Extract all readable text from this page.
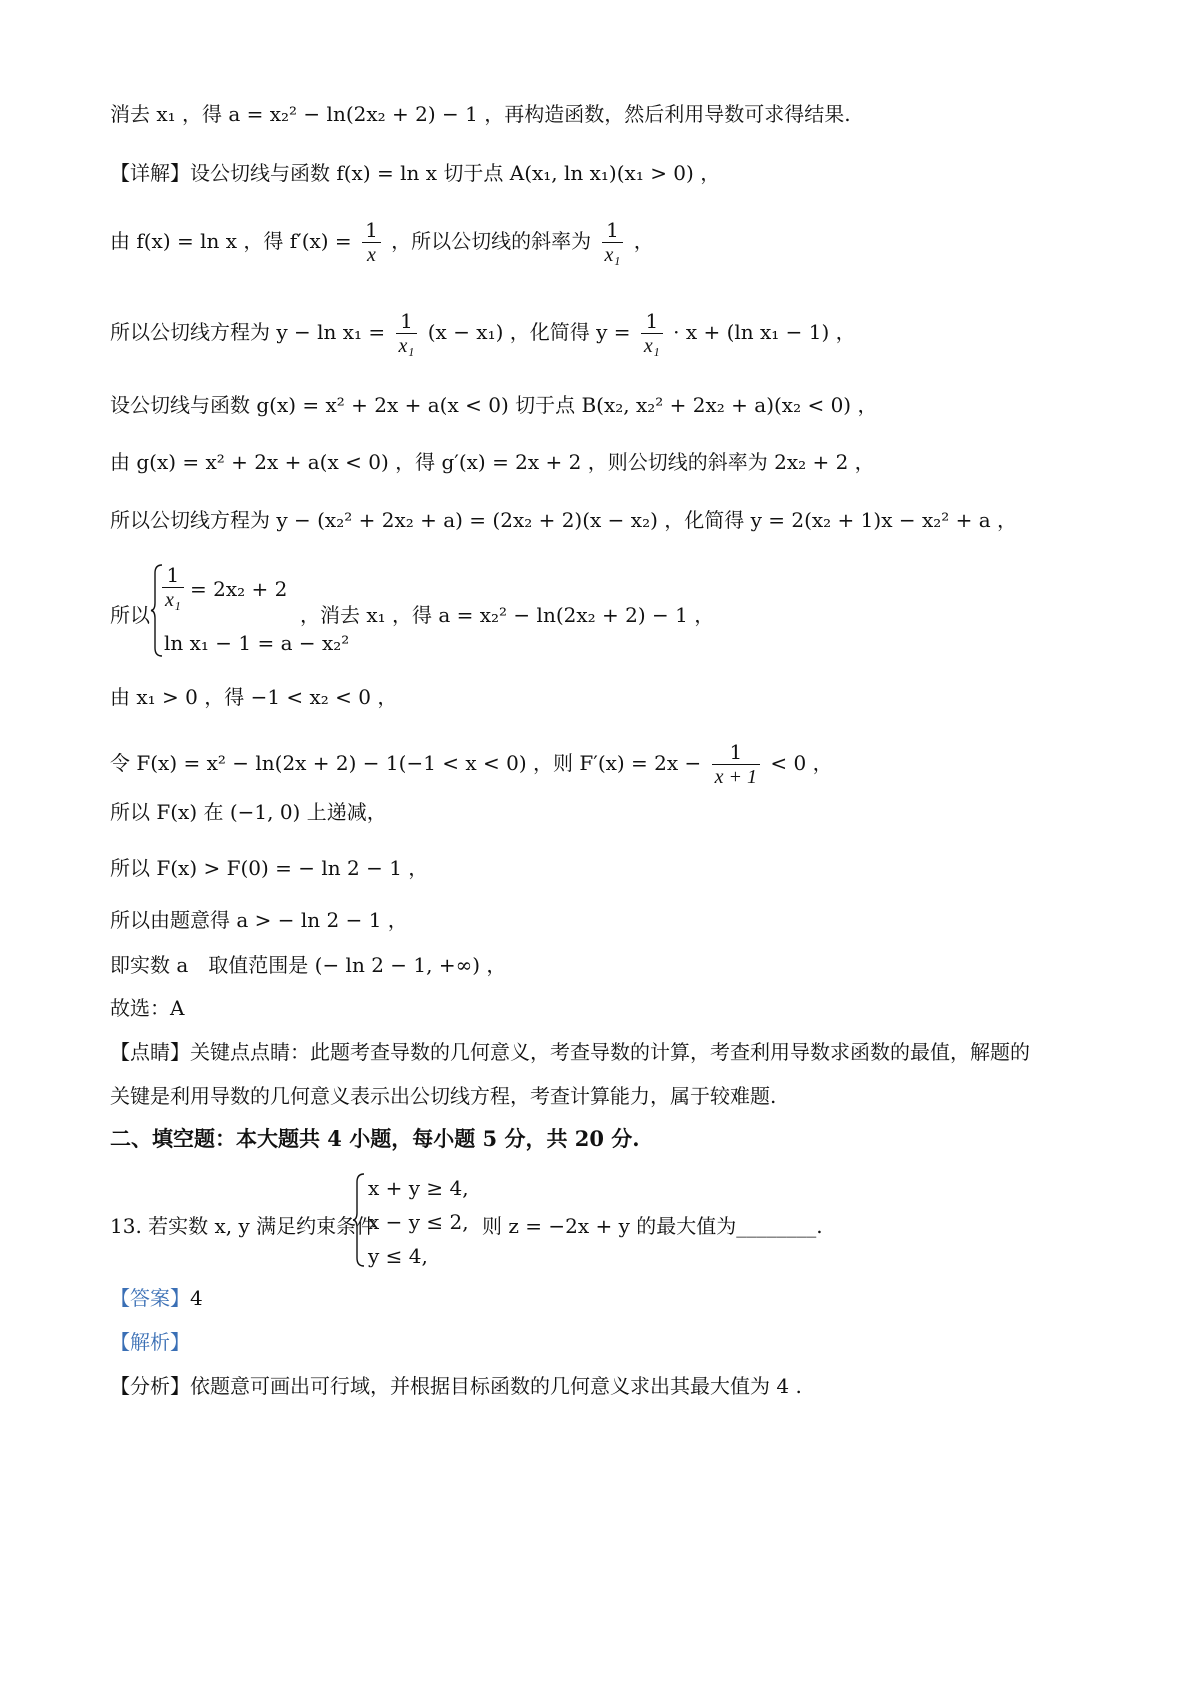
消去 x₁ ，得 a = x₂² − ln(2x₂ + 2) − 1 ，再构造函数，然后利用导数可求得结果.
【详解】设公切线与函数 f(x) = ln x 切于点 A(x₁, ln x₁)(x₁ > 0) ，
由 f(x) = ln x ，得 $f'(x) = \frac{1}{x}$ ，所以公切线的斜率为 $\frac{1}{\text{x₁}}$ ，
所以公切线方程为 $y - \ln x_1 = \frac{1}{\text{x₁}} (x - x_1)$ ，化简得 $y = \frac{1}{\text{x₁}} \cdot x + (\ln$ x₁ − 1) ，
设公切线与函数 g(x) = x² + 2x + a(x < 0) 切于点 B(x₂, x₂² + 2x₂ + a)(x₂ < 0) ，
由 g(x) = x² + 2x + a(x < 0) ，得 g′(x) = 2x + 2 ，则公切线的斜率为 2x₂ + 2 ，
所以公切线方程为 y − (x₂² + 2x₂ + a) = (2x₂ + 2)(x − x₂) ，化简得 y = 2(x₂ + 1)x − x₂² + a ，
所以
$\frac{1}{\text{x₁}} = 2x_2 + 2$
ln x₁ − 1 = a − x₂²
，消去 x₁ ，得 a = x₂² − ln(2x₂ + 2) − 1 ，
由 x₁ > 0 ，得 −1 < x₂ < 0 ，
令 F(x) = x² − ln(2x + 2) − 1(−1 < x < 0) ，则 $F'(x) = 2x - \frac{1}{x + 1} < 0$ ，
所以 F(x) 在 (−1, 0) 上递减，
所以 F(x) > F(0) = − ln 2 − 1 ，
所以由题意得 a > − ln 2 − 1 ，
即实数 a　取值范围是 (− ln 2 − 1, +∞) ，
故选：A
【点睛】关键点点睛：此题考查导数的几何意义，考查导数的计算，考查利用导数求函数的最值，解题的
关键是利用导数的几何意义表示出公切线方程，考查计算能力，属于较难题.
二、填空题：本大题共 4 小题，每小题 5 分，共 20 分.
13. 若实数 x, y 满足约束条件
x + y ≥ 4,
x − y ≤ 2,
y ≤ 4,
则 z = −2x + y 的最大值为________.
【答案】4
【解析】
【分析】依题意可画出可行域，并根据目标函数的几何意义求出其最大值为 4 .
